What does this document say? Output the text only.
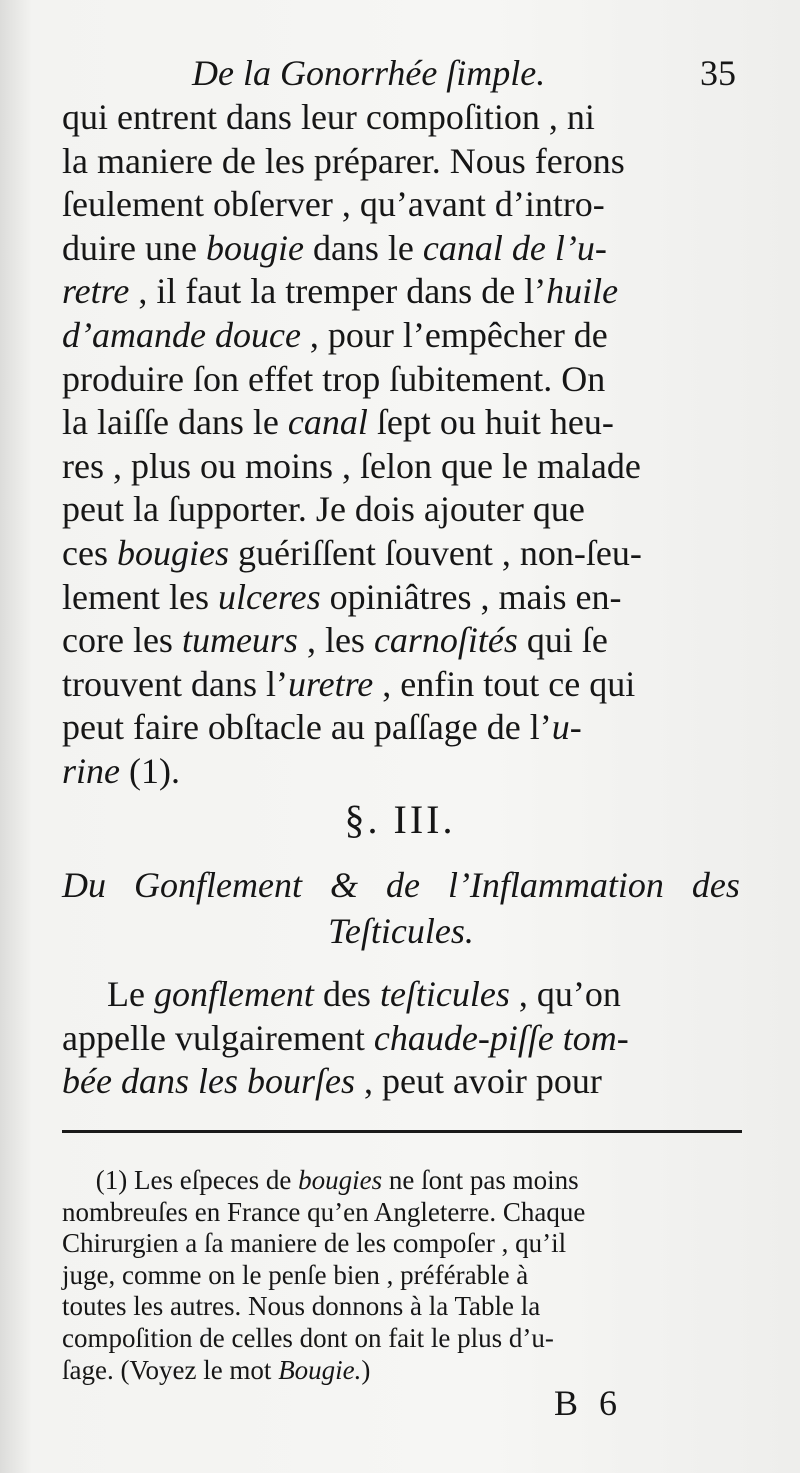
De la Gonorrhée ſimple.	35
qui entrent dans leur compoſition , ni
la maniere de les préparer. Nous ferons
ſeulement obſerver , qu’avant d’intro-
duire une bougie dans le canal de l’u-
retre , il faut la tremper dans de l’ huile
d’amande douce , pour l’empêcher de
produire ſon effet trop ſubitement. On
la laiſſe dans le canal ſept ou huit heu-
res , plus ou moins , ſelon que le malade
peut la ſupporter. Je dois ajouter que
ces bougies guériſſent ſouvent , non-ſeu-
lement les ulceres opiniâtres , mais en-
core les tumeurs , les carnoſités qui ſe
trouvent dans l’ uretre , enfin tout ce qui
peut faire obſtacle au paſſage de l’ u-
rine (1).
§. III.
Du Gonflement & de l’Inflammation des
Teſticules.
Le gonflement des teſticules , qu’on
appelle vulgairement chaude-piſſe tom-
bée dans les bourſes , peut avoir pour
(1) Les eſpeces de bougies ne ſont pas moins
nombreuſes en France qu’en Angleterre. Chaque
Chirurgien a ſa maniere de les compoſer , qu’il
juge, comme on le penſe bien , préférable à
toutes les autres. Nous donnons à la Table la
compoſition de celles dont on fait le plus d’u-
ſage. (Voyez le mot Bougie. )
B 6
